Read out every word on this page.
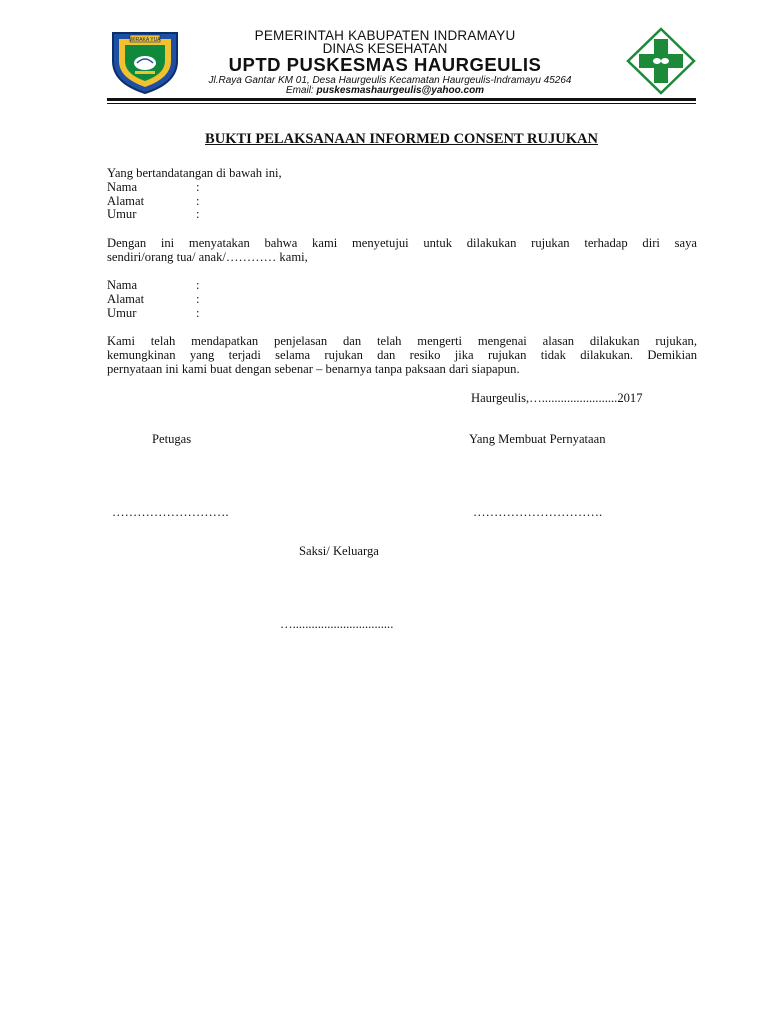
WIRAKA YUA	PEMERINTAH KABUPATEN INDRAMAYU
DINAS KESEHATAN
UPTD PUSKESMAS HAURGEULIS
Jl.Raya Gantar KM 01, Desa Haurgeulis Kecamatan Haurgeulis-Indramayu 45264
Email: puskesmashaurgeulis@yahoo.com
BUKTI PELAKSANAAN INFORMED CONSENT RUJUKAN
Yang bertandatangan di bawah ini,
Nama	:
Alamat	:
Umur	:
Dengan ini menyatakan bahwa kami menyetujui untuk dilakukan rujukan terhadap diri saya
sendiri/orang tua/ anak/………… kami,
Nama	:
Alamat	:
Umur	:
Kami telah mendapatkan penjelasan dan telah mengerti mengenai alasan dilakukan rujukan,
kemungkinan yang terjadi selama rujukan dan resiko jika rujukan tidak dilakukan. Demikian
pernyataan ini kami buat dengan sebenar – benarnya tanpa paksaan dari siapapun.
Haurgeulis,…........................2017
Petugas	Yang Membuat Pernyataan
……………………….	………………………….
Saksi/ Keluarga
…................................
